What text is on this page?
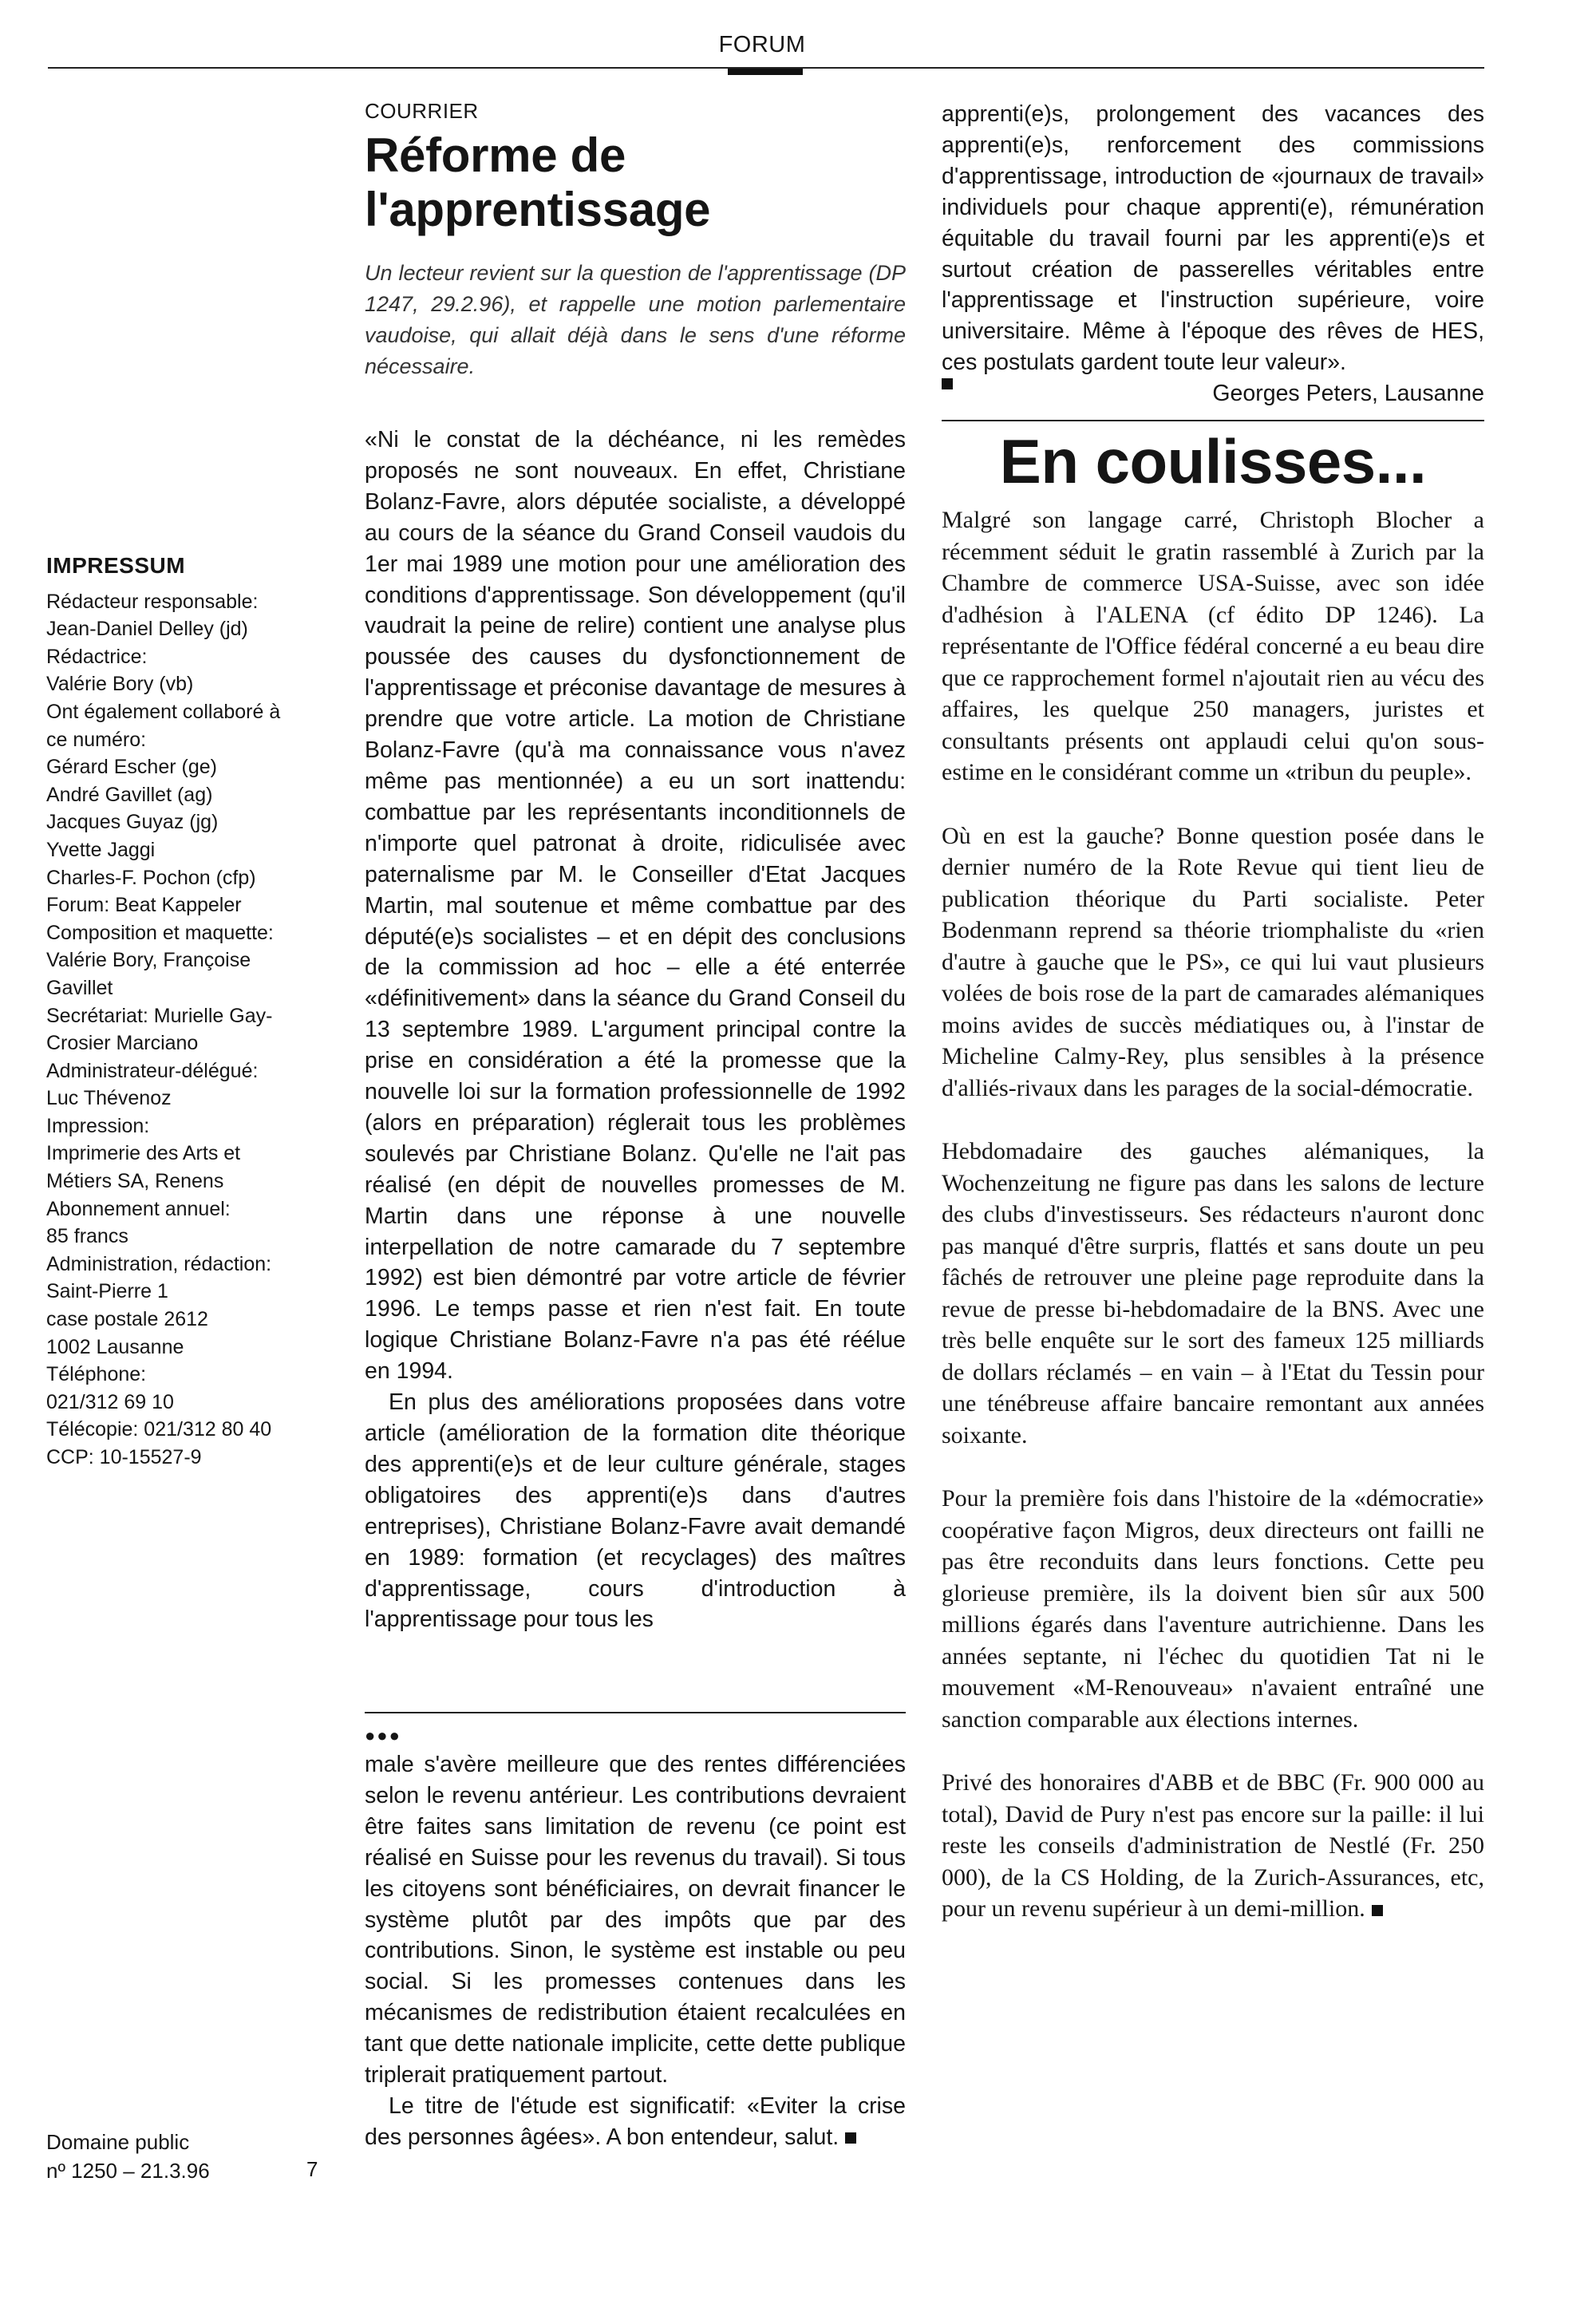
FORUM
IMPRESSUM
Rédacteur responsable:
Jean-Daniel Delley (jd)
Rédactrice:
Valérie Bory (vb)
Ont également collaboré à
ce numéro:
Gérard Escher (ge)
André Gavillet (ag)
Jacques Guyaz (jg)
Yvette Jaggi
Charles-F. Pochon (cfp)
Forum: Beat Kappeler
Composition et maquette:
Valérie Bory, Françoise
Gavillet
Secrétariat: Murielle Gay-
Crosier Marciano
Administrateur-délégué:
Luc Thévenoz
Impression:
Imprimerie des Arts et
Métiers SA, Renens
Abonnement annuel:
85 francs
Administration, rédaction:
Saint-Pierre 1
case postale 2612
1002 Lausanne
Téléphone:
021/312 69 10
Télécopie: 021/312 80 40
CCP: 10-15527-9
Domaine public
nº 1250 – 21.3.96	7
COURRIER
Réforme de
l'apprentissage
Un lecteur revient sur la question de l'apprentissage (DP 1247, 29.2.96), et rappelle une motion parlementaire vaudoise, qui allait déjà dans le sens d'une réforme nécessaire.

«Ni le constat de la déchéance, ni les remèdes proposés ne sont nouveaux. En effet, Christiane Bolanz-Favre, alors députée socialiste, a développé au cours de la séance du Grand Conseil vaudois du 1er mai 1989 une motion pour une amélioration des conditions d'apprentissage. Son développement (qu'il vaudrait la peine de relire) contient une analyse plus poussée des causes du dysfonctionnement de l'apprentissage et préconise davantage de mesures à prendre que votre article. La motion de Christiane Bolanz-Favre (qu'à ma connaissance vous n'avez même pas mentionnée) a eu un sort inattendu: combattue par les représentants inconditionnels de n'importe quel patronat à droite, ridiculisée avec paternalisme par M. le Conseiller d'Etat Jacques Martin, mal soutenue et même combattue par des député(e)s socialistes – et en dépit des conclusions de la commission ad hoc – elle a été enterrée «définitivement» dans la séance du Grand Conseil du 13 septembre 1989. L'argument principal contre la prise en considération a été la promesse que la nouvelle loi sur la formation professionnelle de 1992 (alors en préparation) réglerait tous les problèmes soulevés par Christiane Bolanz. Qu'elle ne l'ait pas réalisé (en dépit de nouvelles promesses de M. Martin dans une réponse à une nouvelle interpellation de notre camarade du 7 septembre 1992) est bien démontré par votre article de février 1996. Le temps passe et rien n'est fait. En toute logique Christiane Bolanz-Favre n'a pas été réélue en 1994.

En plus des améliorations proposées dans votre article (amélioration de la formation dite théorique des apprenti(e)s et de leur culture générale, stages obligatoires des apprenti(e)s dans d'autres entreprises), Christiane Bolanz-Favre avait demandé en 1989: formation (et recyclages) des maîtres d'apprentissage, cours d'introduction à l'apprentissage pour tous les

●●●

male s'avère meilleure que des rentes différenciées selon le revenu antérieur. Les contributions devraient être faites sans limitation de revenu (ce point est réalisé en Suisse pour les revenus du travail). Si tous les citoyens sont bénéficiaires, on devrait financer le système plutôt par des impôts que par des contributions. Sinon, le système est instable ou peu social. Si les promesses contenues dans les mécanismes de redistribution étaient recalculées en tant que dette nationale implicite, cette dette publique triplerait pratiquement partout.

Le titre de l'étude est significatif: «Eviter la crise des personnes âgées». A bon entendeur, salut.

apprenti(e)s, prolongement des vacances des apprenti(e)s, renforcement des commissions d'apprentissage, introduction de «journaux de travail» individuels pour chaque apprenti(e), rémunération équitable du travail fourni par les apprenti(e)s et surtout création de passerelles véritables entre l'apprentissage et l'instruction supérieure, voire universitaire. Même à l'époque des rêves de HES, ces postulats gardent toute leur valeur».

Georges Peters, Lausanne
En coulisses...

Malgré son langage carré, Christoph Blocher a récemment séduit le gratin rassemblé à Zurich par la Chambre de commerce USA-Suisse, avec son idée d'adhésion à l'ALENA (cf édito DP 1246). La représentante de l'Office fédéral concerné a eu beau dire que ce rapprochement formel n'ajoutait rien au vécu des affaires, les quelque 250 managers, juristes et consultants présents ont applaudi celui qu'on sous-estime en le considérant comme un «tribun du peuple».

Où en est la gauche? Bonne question posée dans le dernier numéro de la Rote Revue qui tient lieu de publication théorique du Parti socialiste. Peter Bodenmann reprend sa théorie triomphaliste du «rien d'autre à gauche que le PS», ce qui lui vaut plusieurs volées de bois rose de la part de camarades alémaniques moins avides de succès médiatiques ou, à l'instar de Micheline Calmy-Rey, plus sensibles à la présence d'alliés-rivaux dans les parages de la social-démocratie.

Hebdomadaire des gauches alémaniques, la Wochenzeitung ne figure pas dans les salons de lecture des clubs d'investisseurs. Ses rédacteurs n'auront donc pas manqué d'être surpris, flattés et sans doute un peu fâchés de retrouver une pleine page reproduite dans la revue de presse bi-hebdomadaire de la BNS. Avec une très belle enquête sur le sort des fameux 125 milliards de dollars réclamés – en vain – à l'Etat du Tessin pour une ténébreuse affaire bancaire remontant aux années soixante.

Pour la première fois dans l'histoire de la «démocratie» coopérative façon Migros, deux directeurs ont failli ne pas être reconduits dans leurs fonctions. Cette peu glorieuse première, ils la doivent bien sûr aux 500 millions égarés dans l'aventure autrichienne. Dans les années septante, ni l'échec du quotidien Tat ni le mouvement «M-Renouveau» n'avaient entraîné une sanction comparable aux élections internes.

Privé des honoraires d'ABB et de BBC (Fr. 900 000 au total), David de Pury n'est pas encore sur la paille: il lui reste les conseils d'administration de Nestlé (Fr. 250 000), de la CS Holding, de la Zurich-Assurances, etc, pour un revenu supérieur à un demi-million.
